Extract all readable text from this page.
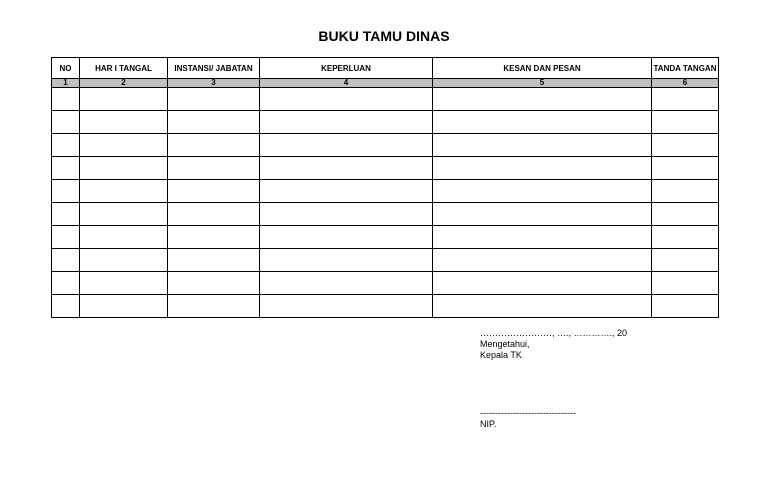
BUKU TAMU DINAS
NO	HAR I TANGAL	INSTANSI/ JABATAN	KEPERLUAN	KESAN DAN PESAN	TANDA TANGAN
1	2	3	4	5	6

……………………, …., …………., 20
Mengetahui,
Kepala TK
--------------------------------
NIP.
